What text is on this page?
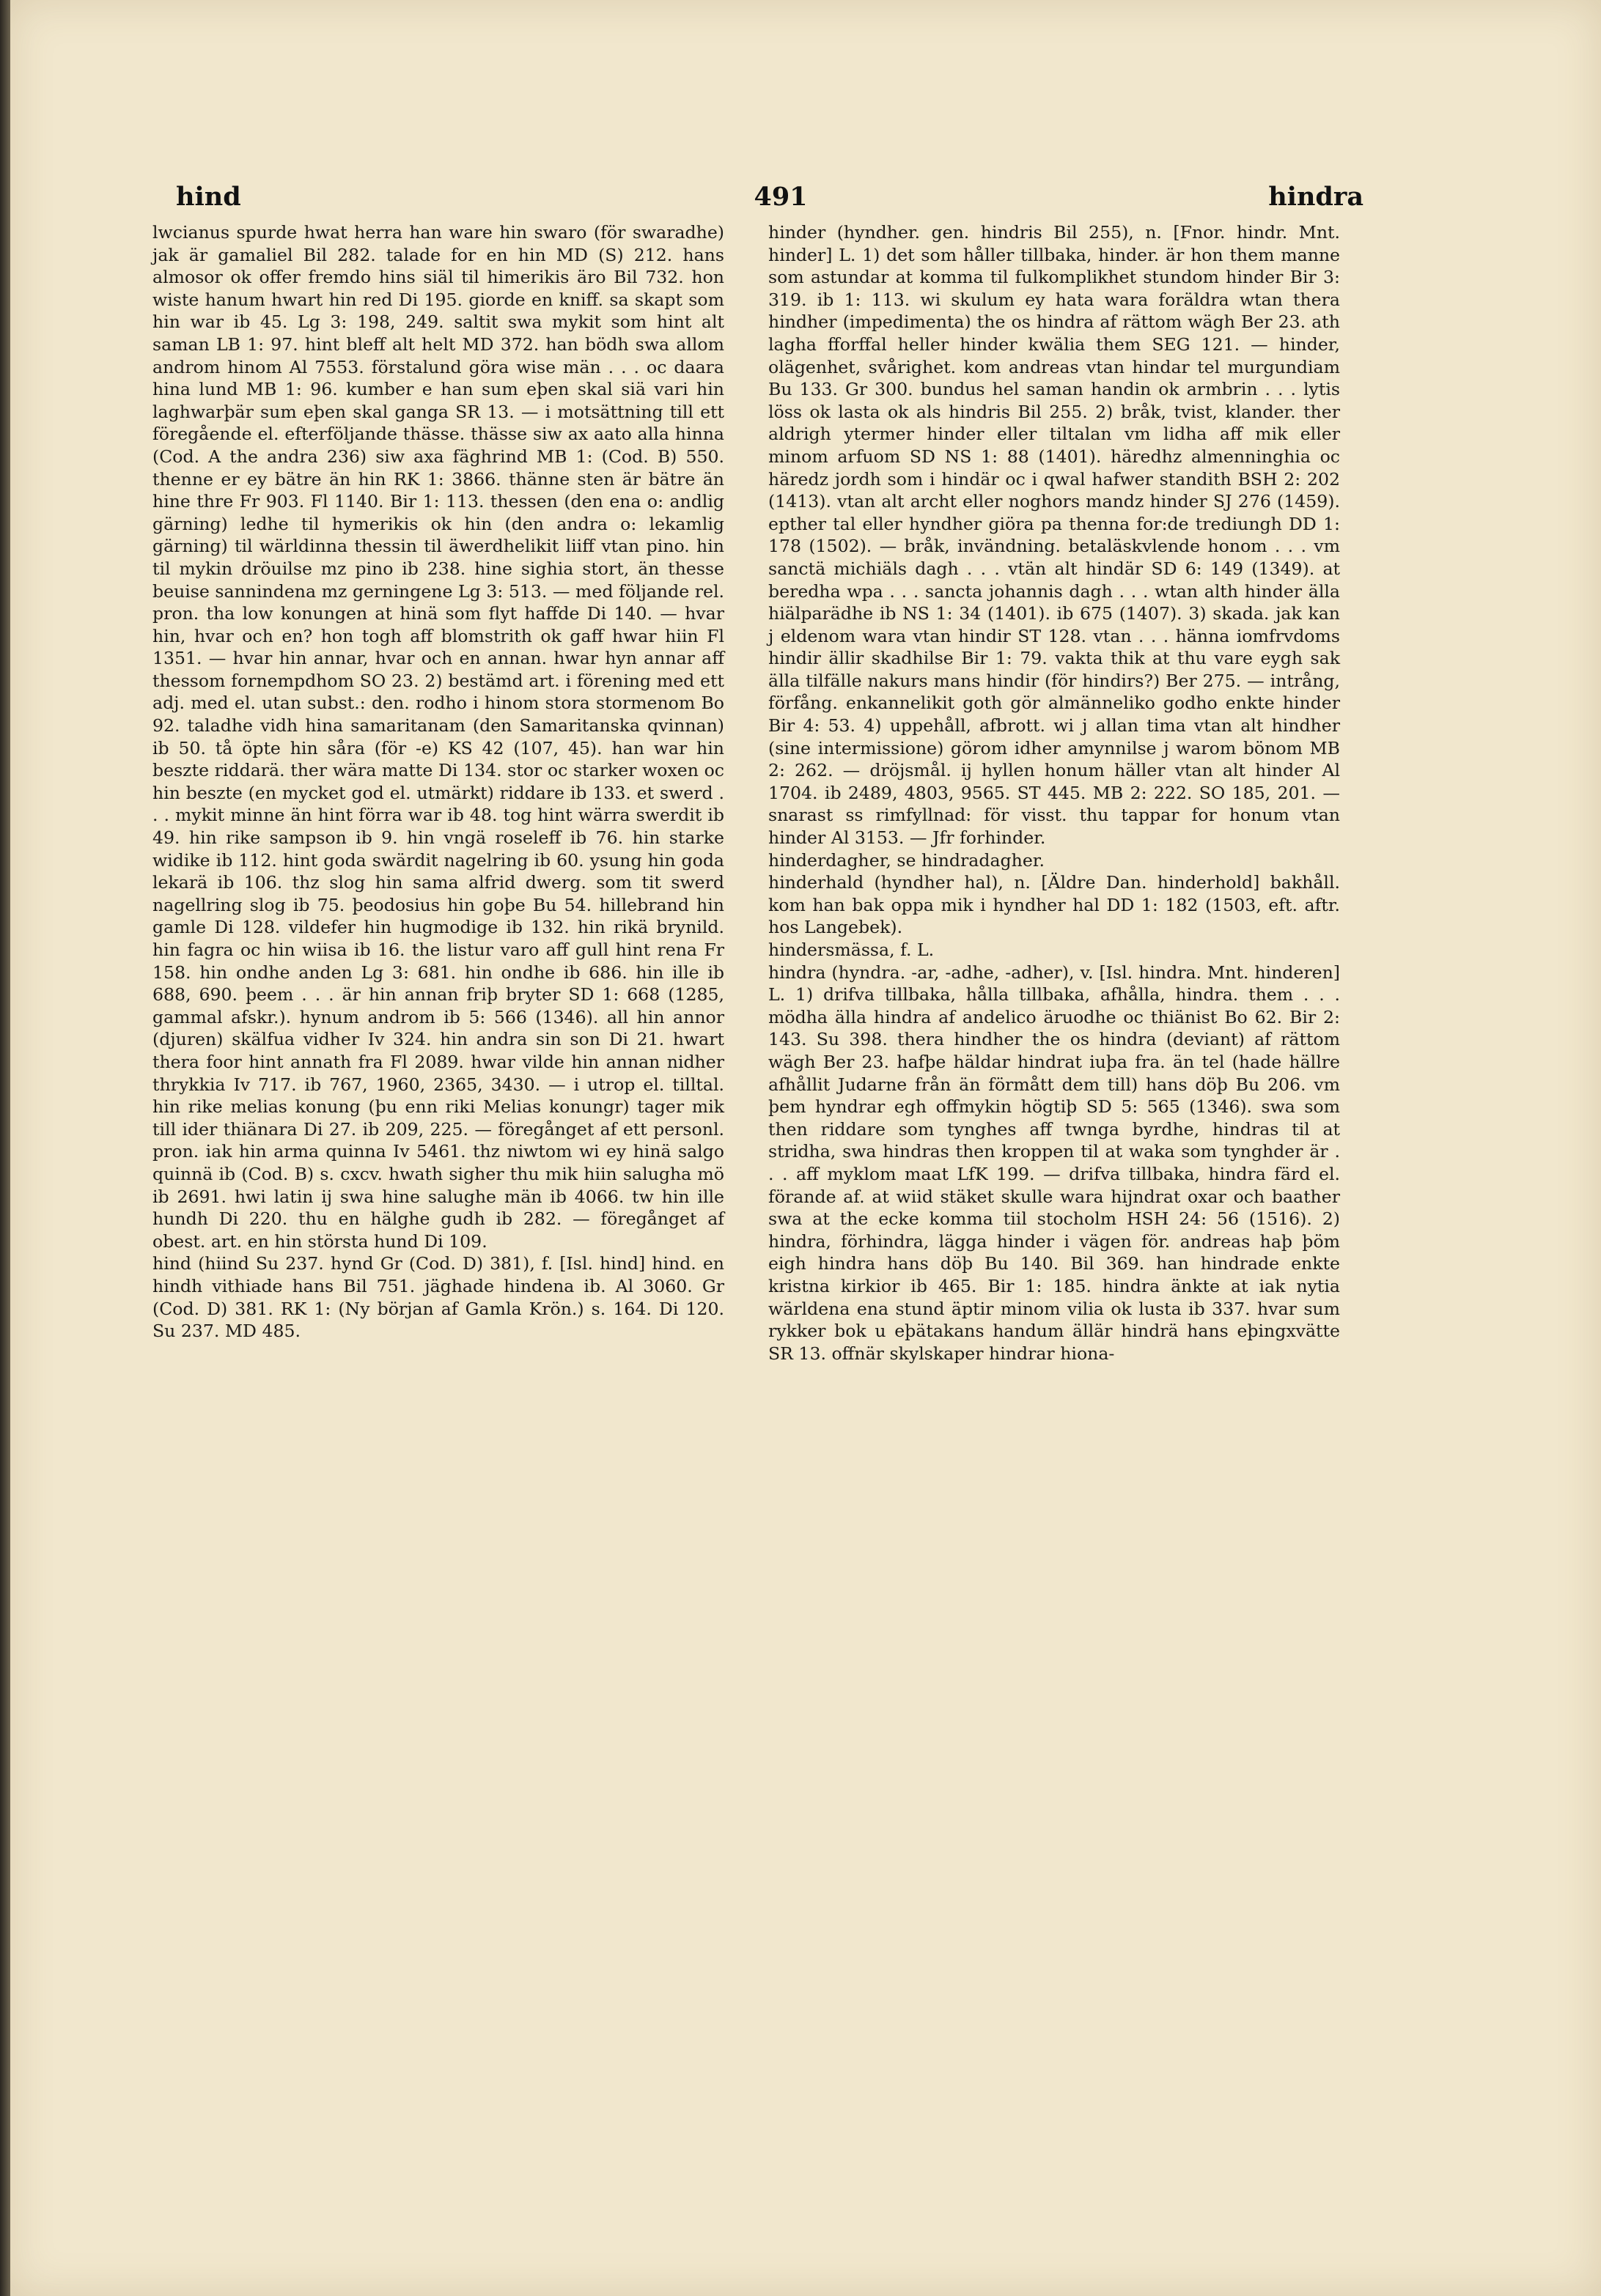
hind	491	hindra

lwcianus spurde hwat herra han ware hin swaro (för swaradhe) jak är gamaliel Bil 282. talade for en hin MD (S) 212. hans almosor ok offer fremdo hins siäl til himerikis äro Bil 732. hon wiste hanum hwart hin red Di 195. giorde en kniff. sa skapt som hin war ib 45. Lg 3: 198, 249. saltit swa mykit som hint alt saman LB 1: 97. hint bleff alt helt MD 372. han bödh swa allom androm hinom Al 7553. förstalund göra wise män . . . oc daara hina lund MB 1: 96. kumber e han sum eþen skal siä vari hin laghwarþär sum eþen skal ganga SR 13. — i motsättning till ett föregående el. efterföljande thässe. thässe siw ax aato alla hinna (Cod. A the andra 236) siw axa fäghrind MB 1: (Cod. B) 550. thenne er ey bätre än hin RK 1: 3866. thänne sten är bätre än hine thre Fr 903. Fl 1140. Bir 1: 113. thessen (den ena o: andlig gärning) ledhe til hymerikis ok hin (den andra o: lekamlig gärning) til wärldinna thessin til äwerdhelikit liiff vtan pino. hin til mykin dröuilse mz pino ib 238. hine sighia stort, än thesse beuise sannindena mz gerningene Lg 3: 513. — med följande rel. pron. tha low konungen at hinä som flyt haffde Di 140. — hvar hin, hvar och en? hon togh aff blomstrith ok gaff hwar hiin Fl 1351. — hvar hin annar, hvar och en annan. hwar hyn annar aff thessom fornempdhom SO 23. 2) bestämd art. i förening med ett adj. med el. utan subst.: den. rodho i hinom stora stormenom Bo 92. taladhe vidh hina samaritanam (den Samaritanska qvinnan) ib 50. tå öpte hin såra (för -e) KS 42 (107, 45). han war hin beszte riddarä. ther wära matte Di 134. stor oc starker woxen oc hin beszte (en mycket god el. utmärkt) riddare ib 133. et swerd . . . mykit minne än hint förra war ib 48. tog hint wärra swerdit ib 49. hin rike sampson ib 9. hin vngä roseleff ib 76. hin starke widike ib 112. hint goda swärdit nagelring ib 60. ysung hin goda lekarä ib 106. thz slog hin sama alfrid dwerg. som tit swerd nagellring slog ib 75. þeodosius hin goþe Bu 54. hillebrand hin gamle Di 128. vildefer hin hugmodige ib 132. hin rikä brynild. hin fagra oc hin wiisa ib 16. the listur varo aff gull hint rena Fr 158. hin ondhe anden Lg 3: 681. hin ondhe ib 686. hin ille ib 688, 690. þeem . . . är hin annan friþ bryter SD 1: 668 (1285, gammal afskr.). hynum androm ib 5: 566 (1346). all hin annor (djuren) skälfua vidher Iv 324. hin andra sin son Di 21. hwart thera foor hint annath fra Fl 2089. hwar vilde hin annan nidher thrykkia Iv 717. ib 767, 1960, 2365, 3430. — i utrop el. tilltal. hin rike melias konung (þu enn riki Melias konungr) tager mik till ider thiänara Di 27. ib 209, 225. — föregånget af ett personl. pron. iak hin arma quinna Iv 5461. thz niwtom wi ey hinä salgo quinnä ib (Cod. B) s. cxcv. hwath sigher thu mik hiin salugha mö ib 2691. hwi latin ij swa hine salughe män ib 4066. tw hin ille hundh Di 220. thu en hälghe gudh ib 282. — föregånget af obest. art. en hin största hund Di 109.

hind (hiind Su 237. hynd Gr (Cod. D) 381), f. [Isl. hind] hind. en hindh vithiade hans Bil 751. jäghade hindena ib. Al 3060. Gr (Cod. D) 381. RK 1: (Ny början af Gamla Krön.) s. 164. Di 120. Su 237. MD 485.

hinder (hyndher. gen. hindris Bil 255), n. [Fnor. hindr. Mnt. hinder] L. 1) det som håller tillbaka, hinder. är hon them manne som astundar at komma til fulkomplikhet stundom hinder Bir 3: 319. ib 1: 113. wi skulum ey hata wara foräldra wtan thera hindher (impedimenta) the os hindra af rättom wägh Ber 23. ath lagha fforffal heller hinder kwälia them SEG 121. — hinder, olägenhet, svårighet. kom andreas vtan hindar tel murgundiam Bu 133. Gr 300. bundus hel saman handin ok armbrin . . . lytis löss ok lasta ok als hindris Bil 255. 2) bråk, tvist, klander. ther aldrigh ytermer hinder eller tiltalan vm lidha aff mik eller minom arfuom SD NS 1: 88 (1401). häredhz almenninghia oc häredz jordh som i hindär oc i qwal hafwer standith BSH 2: 202 (1413). vtan alt archt eller noghors mandz hinder SJ 276 (1459). epther tal eller hyndher giöra pa thenna for:de trediungh DD 1: 178 (1502). — bråk, invändning. betaläskvlende honom . . . vm sanctä michiäls dagh . . . vtän alt hindär SD 6: 149 (1349). at beredha wpa . . . sancta johannis dagh . . . wtan alth hinder älla hiälparädhe ib NS 1: 34 (1401). ib 675 (1407). 3) skada. jak kan j eldenom wara vtan hindir ST 128. vtan . . . hänna iomfrvdoms hindir ällir skadhilse Bir 1: 79. vakta thik at thu vare eygh sak älla tilfälle nakurs mans hindir (för hindirs?) Ber 275. — intrång, förfång. enkannelikit goth gör almänneliko godho enkte hinder Bir 4: 53. 4) uppehåll, afbrott. wi j allan tima vtan alt hindher (sine intermissione) görom idher amynnilse j warom bönom MB 2: 262. — dröjsmål. ij hyllen honum häller vtan alt hinder Al 1704. ib 2489, 4803, 9565. ST 445. MB 2: 222. SO 185, 201. — snarast ss rimfyllnad: för visst. thu tappar for honum vtan hinder Al 3153. — Jfr forhinder.

hinderdagher, se hindradagher.

hinderhald (hyndher hal), n. [Äldre Dan. hinderhold] bakhåll. kom han bak oppa mik i hyndher hal DD 1: 182 (1503, eft. aftr. hos Langebek).

hindersmässa, f. L.

hindra (hyndra. -ar, -adhe, -adher), v. [Isl. hindra. Mnt. hinderen] L. 1) drifva tillbaka, hålla tillbaka, afhålla, hindra. them . . . mödha älla hindra af andelico äruodhe oc thiänist Bo 62. Bir 2: 143. Su 398. thera hindher the os hindra (deviant) af rättom wägh Ber 23. hafþe häldar hindrat iuþa fra. än tel (hade hällre afhållit Judarne från än förmått dem till) hans döþ Bu 206. vm þem hyndrar egh offmykin högtiþ SD 5: 565 (1346). swa som then riddare som tynghes aff twnga byrdhe, hindras til at stridha, swa hindras then kroppen til at waka som tynghder är . . . aff myklom maat LfK 199. — drifva tillbaka, hindra färd el. förande af. at wiid stäket skulle wara hijndrat oxar och baather swa at the ecke komma tiil stocholm HSH 24: 56 (1516). 2) hindra, förhindra, lägga hinder i vägen för. andreas haþ þöm eigh hindra hans döþ Bu 140. Bil 369. han hindrade enkte kristna kirkior ib 465. Bir 1: 185. hindra änkte at iak nytia wärldena ena stund äptir minom vilia ok lusta ib 337. hvar sum rykker bok u eþätakans handum ällär hindrä hans eþingxvätte SR 13. offnär skylskaper hindrar hiona-
